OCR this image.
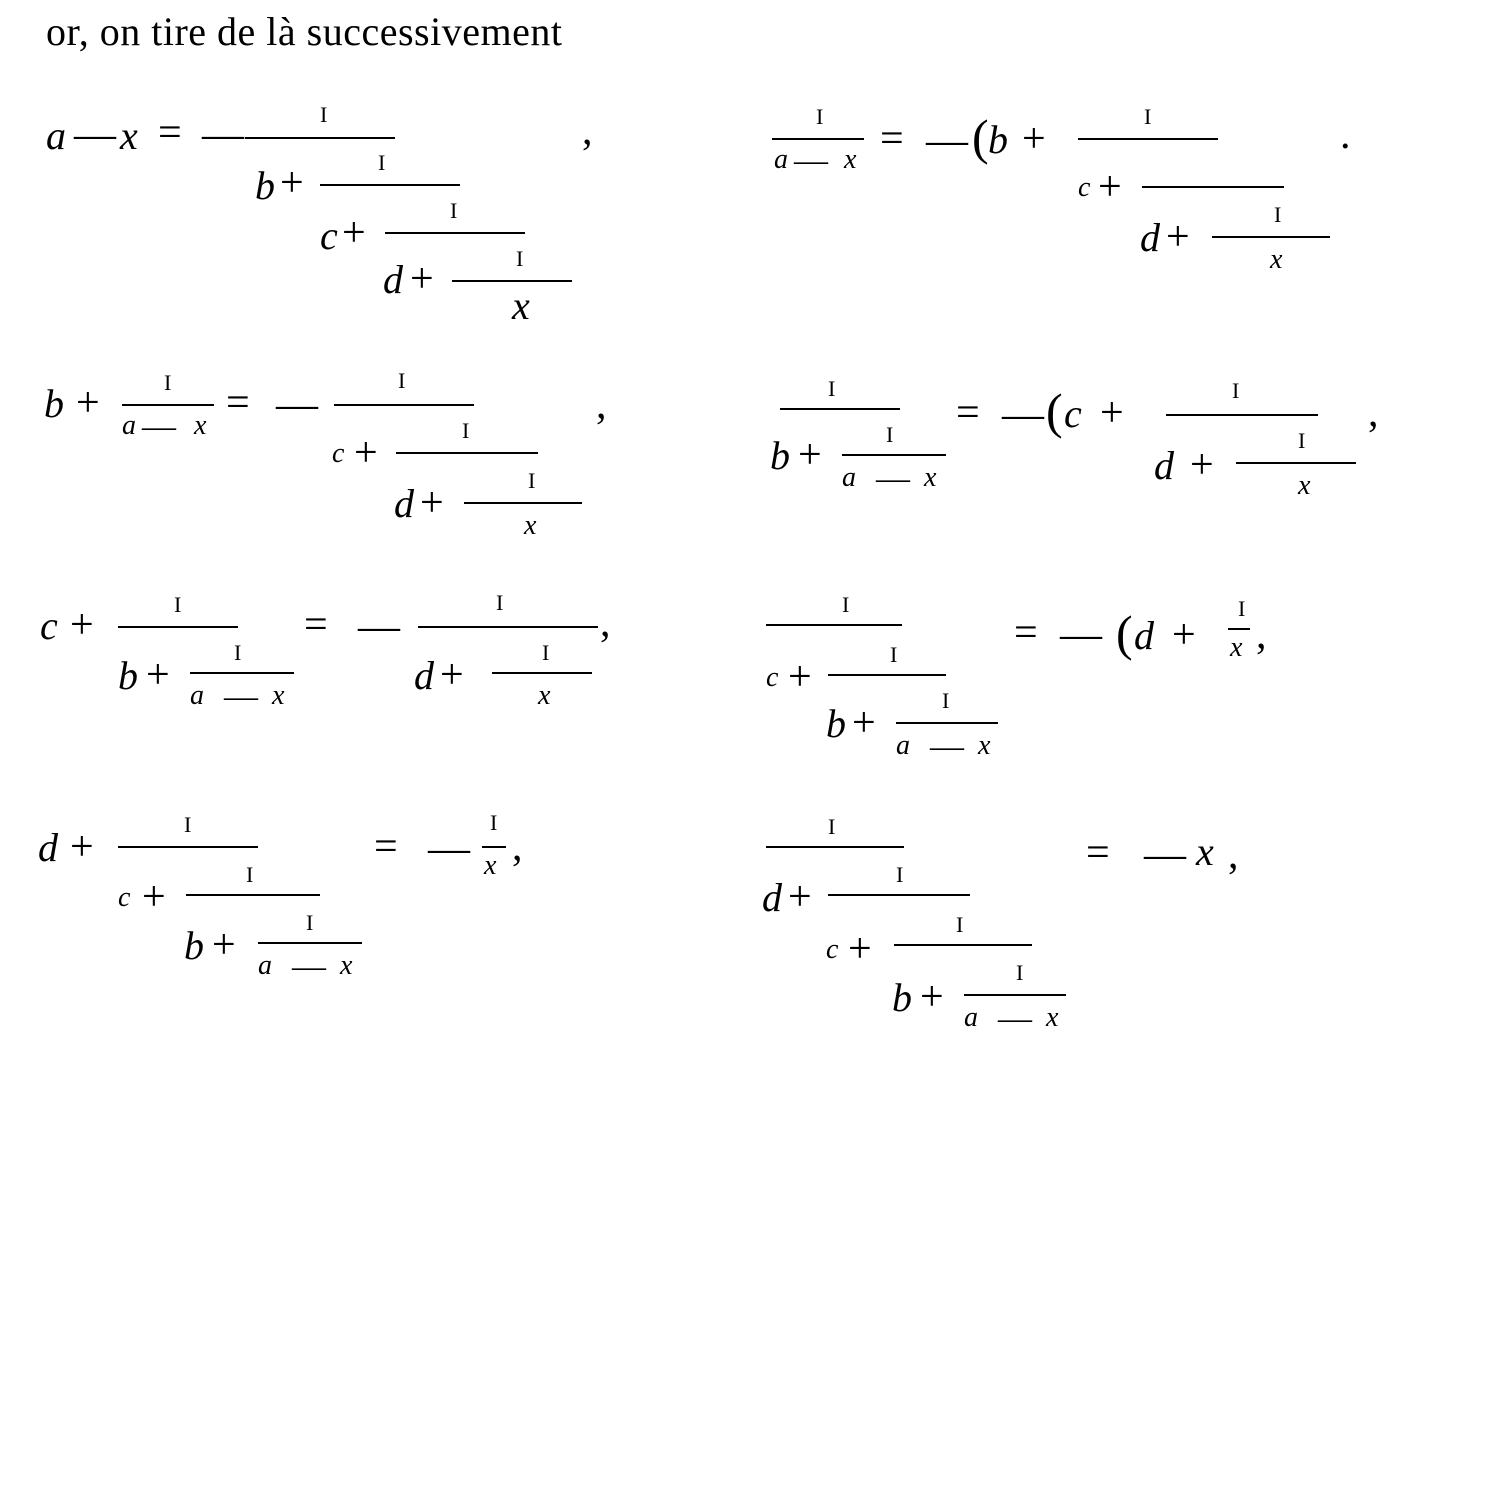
or, on tire de là successivement
a — x = —	I
b +	I
c +	I
d +	I
x
,	I
a — x = — ( b +	I
c +
d +	I
x
.
b +	I
a — x = —
I
c +	I
d +	I
x
,	I
b +	I
a — x
= — ( c +	I
d +
I
x
,
c +	I
b +	I
a — x
= —
I
d +	I
x
,	I
c +	I
b +	I
a — x
= — ( d +
I
x ,
d +	I
c +	I
b +	I
a — x
= —
I
x ,	I
d +	I
c +
I
b +
I
a — x
= — x ,
